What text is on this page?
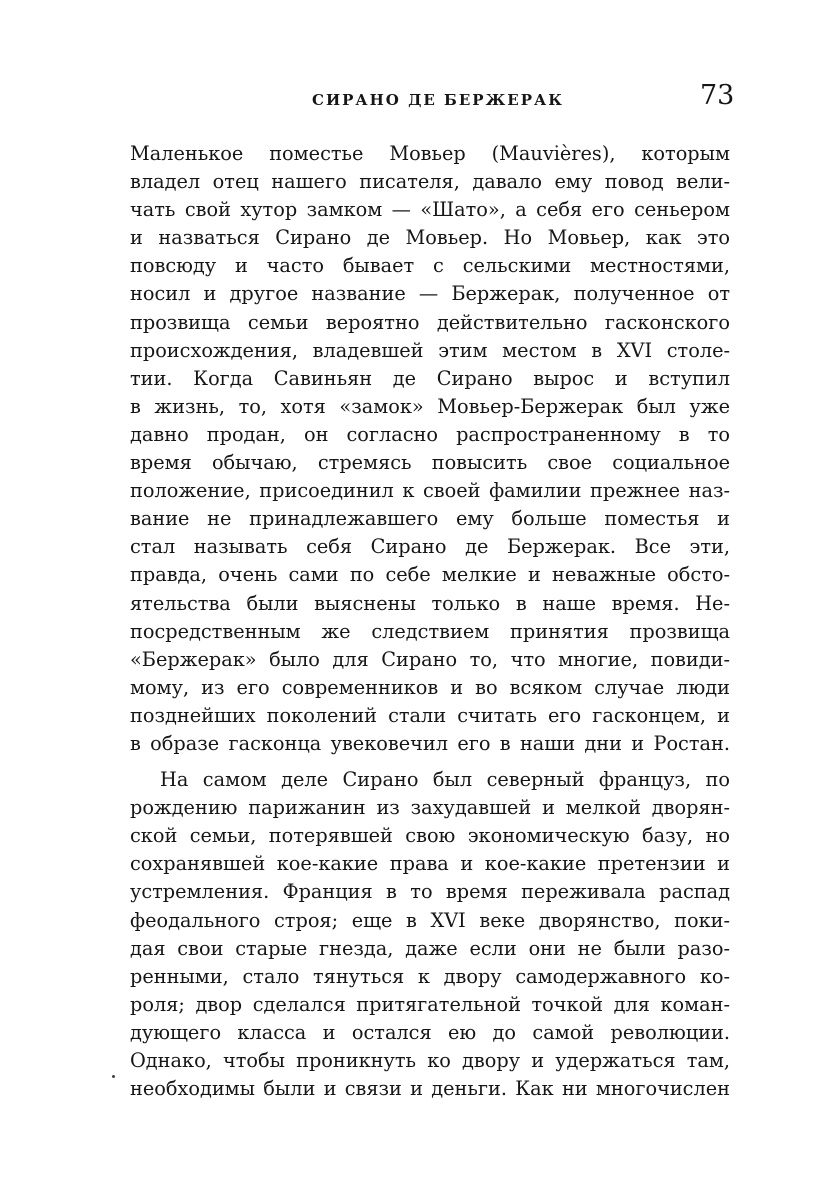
СИРАНО ДЕ БЕРЖЕРАК	73
Маленькое поместье Мовьер (Mauvières), которым
владел отец нашего писателя, давало ему повод вели-
чать свой хутор замком — «Шато», а себя его сеньером
и назваться Сирано де Мовьер. Но Мовьер, как это
повсюду и часто бывает с сельскими местностями,
носил и другое название — Бержерак, полученное от
прозвища семьи вероятно действительно гасконского
происхождения, владевшей этим местом в XVI столе-
тии. Когда Савиньян де Сирано вырос и вступил
в жизнь, то, хотя «замок» Мовьер-Бержерак был уже
давно продан, он согласно распространенному в то
время обычаю, стремясь повысить свое социальное
положение, присоединил к своей фамилии прежнее наз-
вание не принадлежавшего ему больше поместья и
стал называть себя Сирано де Бержерак. Все эти,
правда, очень сами по себе мелкие и неважные обсто-
ятельства были выяснены только в наше время. Не-
посредственным же следствием принятия прозвища
«Бержерак» было для Сирано то, что многие, повиди-
мому, из его современников и во всяком случае люди
позднейших поколений стали считать его гасконцем, и
в образе гасконца увековечил его в наши дни и Ростан.
На самом деле Сирано был северный француз, по
рождению парижанин из захудавшей и мелкой дворян-
ской семьи, потерявшей свою экономическую базу, но
сохранявшей кое-какие права и кое-какие претензии и
устремления. Франция в то время переживала распад
феодального строя; еще в XVI веке дворянство, поки-
дая свои старые гнезда, даже если они не были разо-
ренными, стало тянуться к двору самодержавного ко-
роля; двор сделался притягательной точкой для коман-
дующего класса и остался ею до самой революции.
Однако, чтобы проникнуть ко двору и удержаться там,
необходимы были и связи и деньги. Как ни многочислен
